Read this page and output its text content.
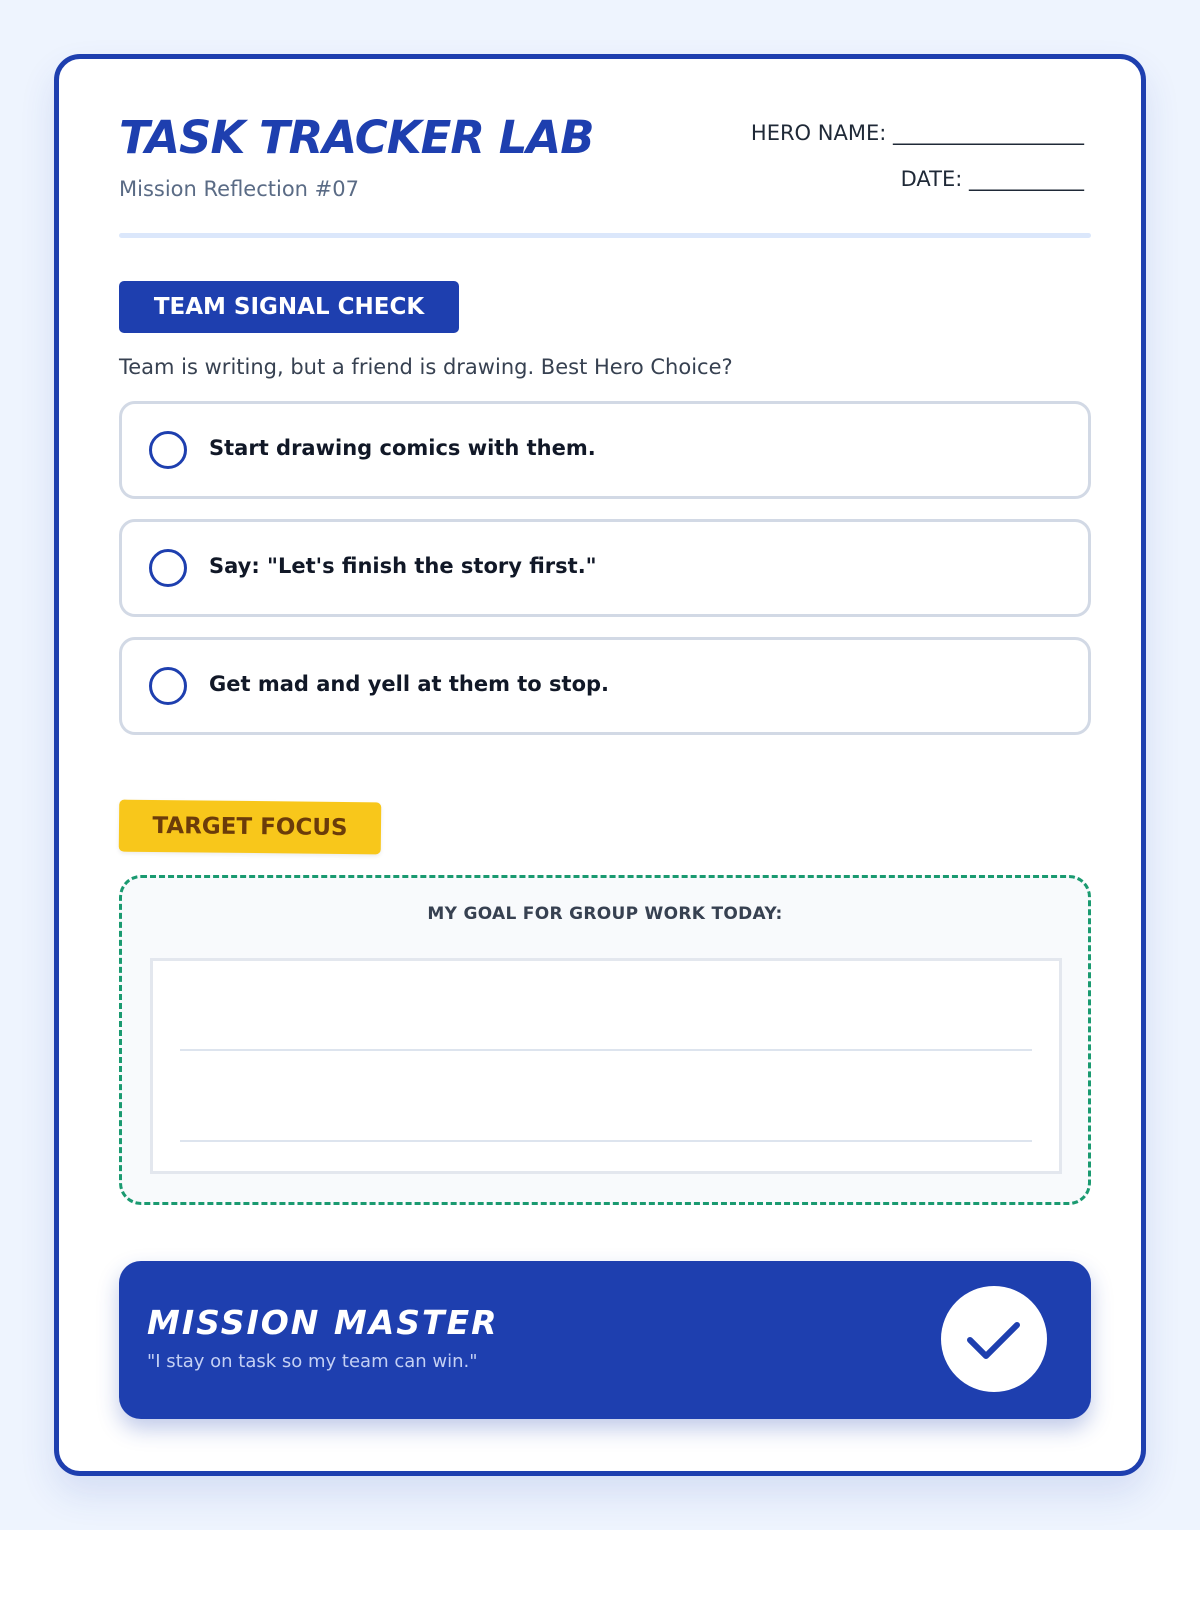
TASK TRACKER LAB
Mission Reflection #07
HERO NAME: ____________________
DATE: ____________
TEAM SIGNAL CHECK
Team is writing, but a friend is drawing. Best Hero Choice?
Start drawing comics with them.
Say: "Let's finish the story first."
Get mad and yell at them to stop.
TARGET FOCUS
MY GOAL FOR GROUP WORK TODAY:
MISSION MASTER
"I stay on task so my team can win."
